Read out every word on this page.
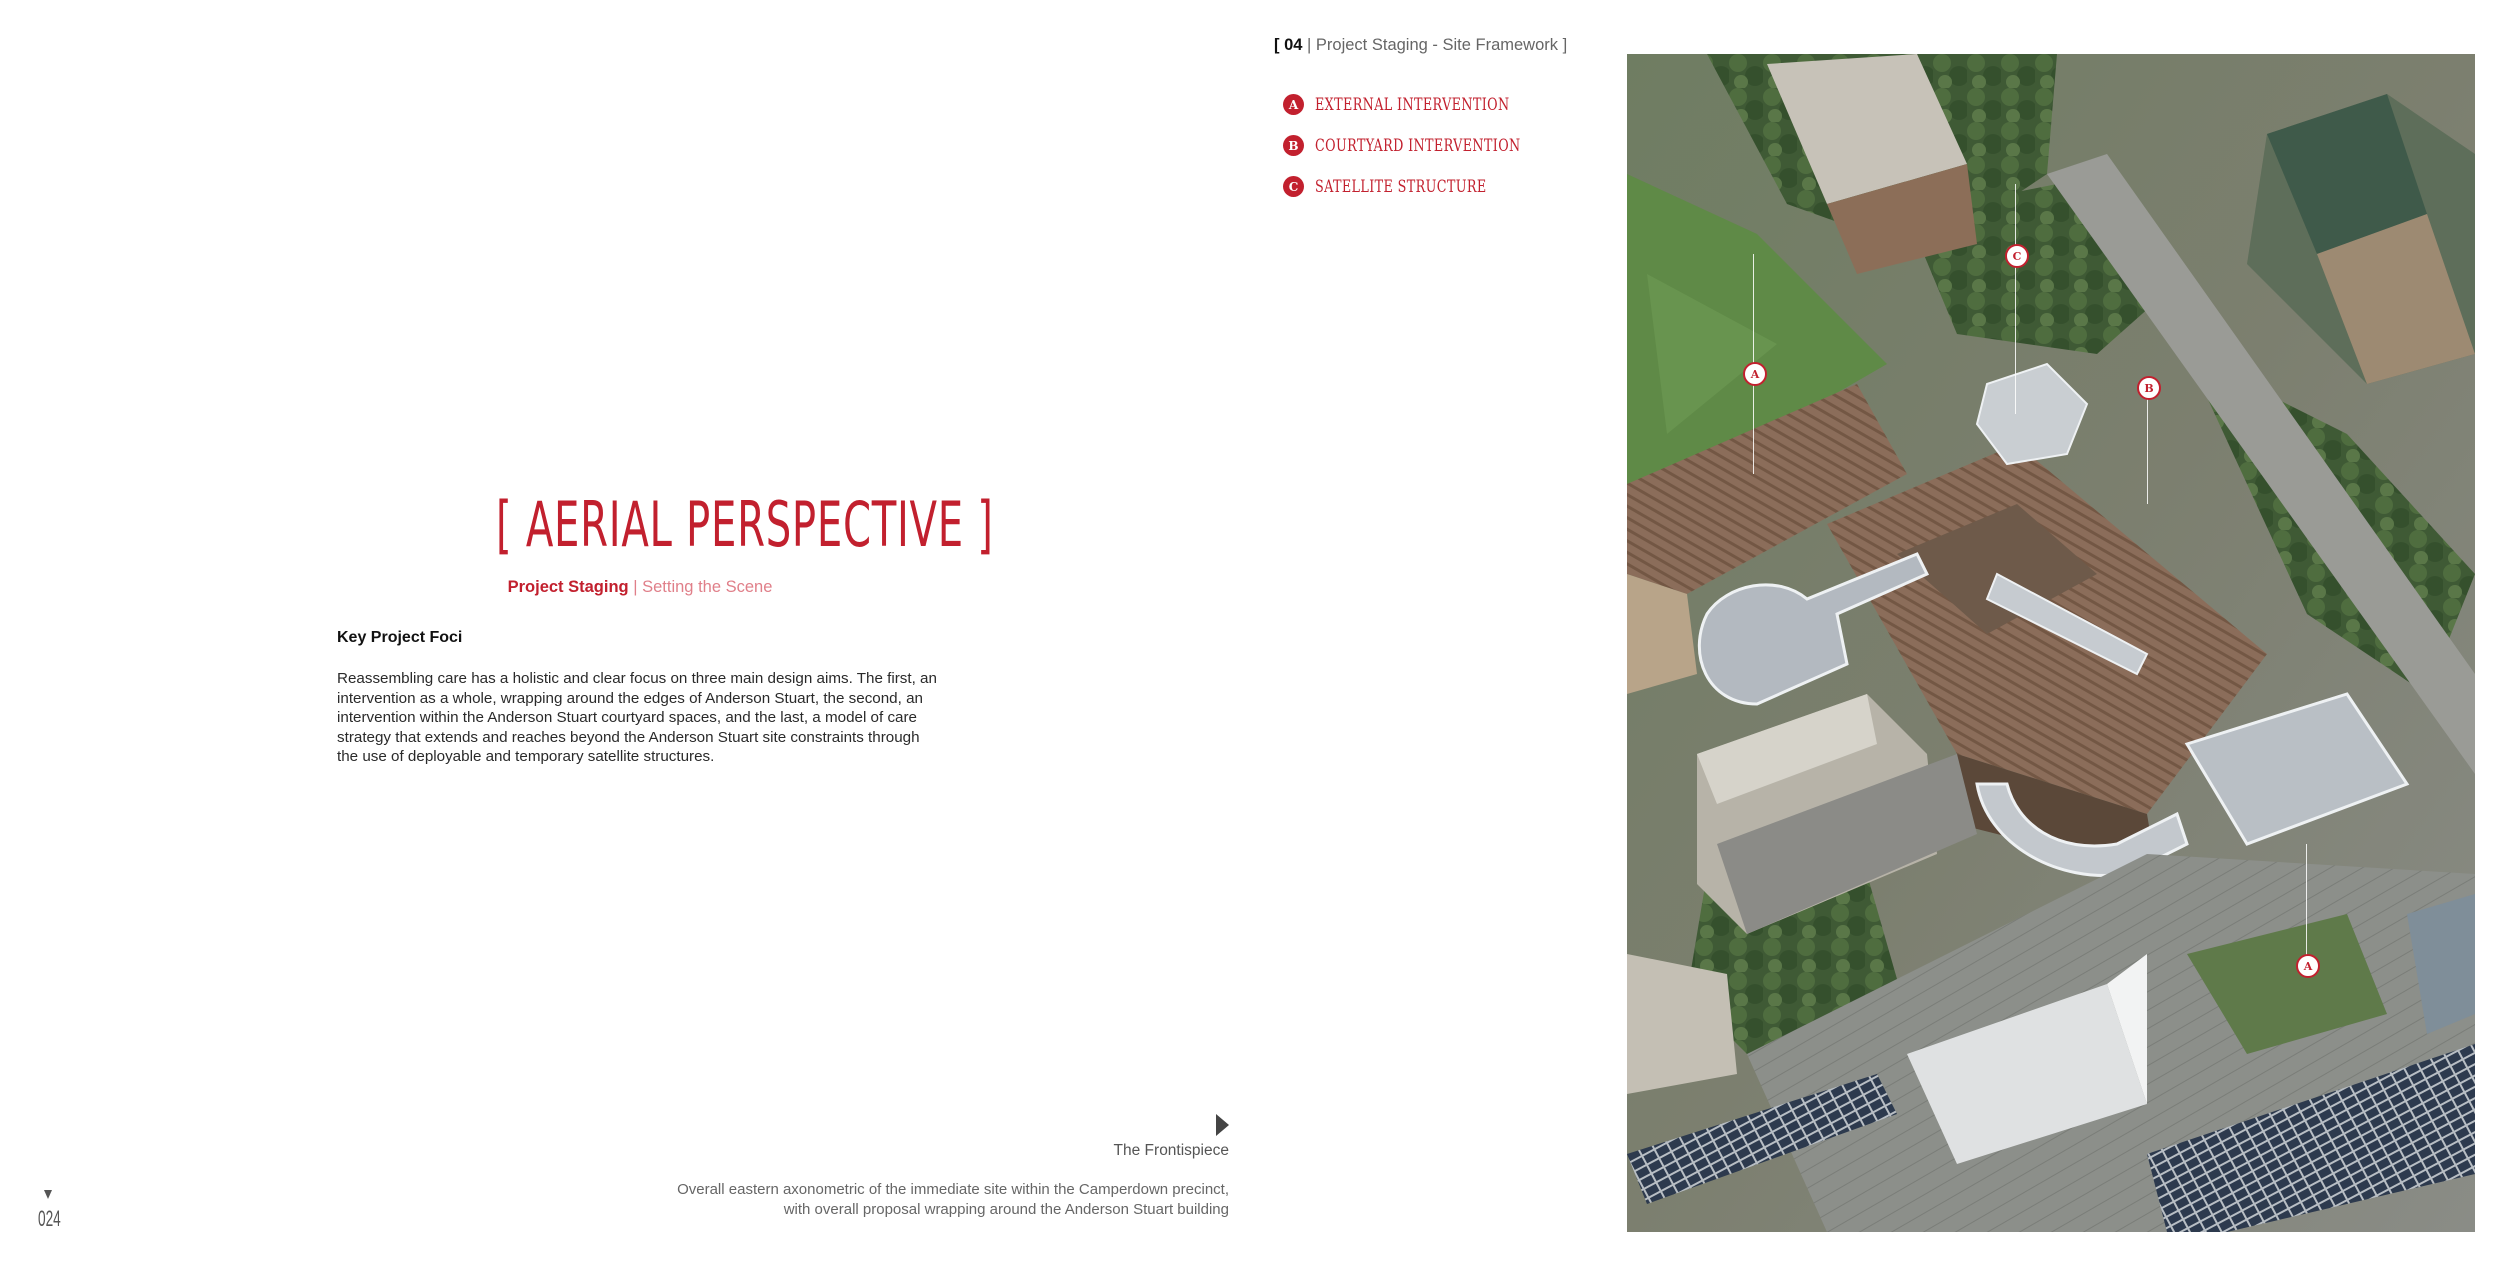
[ AERIAL PERSPECTIVE ]
Project Staging | Setting the Scene
Key Project Foci
Reassembling care has a holistic and clear focus on three main design aims. The first, an intervention as a whole, wrapping around the edges of Anderson Stuart, the second, an intervention within the Anderson Stuart courtyard spaces, and the last, a model of care strategy that extends and reaches beyond the Anderson Stuart site constraints through the use of deployable and temporary satellite structures.
The Frontispiece
Overall eastern axonometric of the immediate site within the Camperdown precinct, with overall proposal wrapping around the Anderson Stuart building
024
[ 04 | Project Staging - Site Framework ]
A EXTERNAL INTERVENTION
B COURTYARD INTERVENTION
C SATELLITE STRUCTURE
A
C
B
A
